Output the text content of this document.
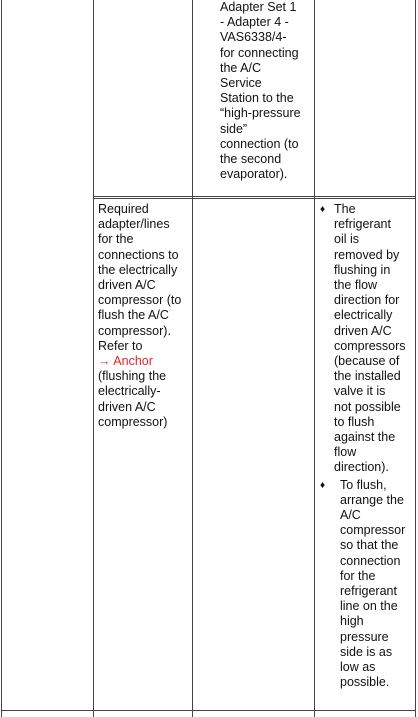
Adapter Set 1
- Adapter 4 -
VAS6338/4-
for connecting
the A/C
Service
Station to the
“high-pressure
side”
connection (to
the second
evaporator).
Required
adapter/lines
for the
connections to
the electrically
driven A/C
compressor (to
flush the A/C
compressor).
Refer to
→ Anchor
(flushing the
electrically-
driven A/C
compressor)
♦ The
refrigerant
oil is
removed by
flushing in
the flow
direction for
electrically
driven A/C
compressors
(because of
the installed
valve it is
not possible
to flush
against the
flow
direction).
♦ To flush,
arrange the
A/C
compressor
so that the
connection
for the
refrigerant
line on the
high
pressure
side is as
low as
possible.
